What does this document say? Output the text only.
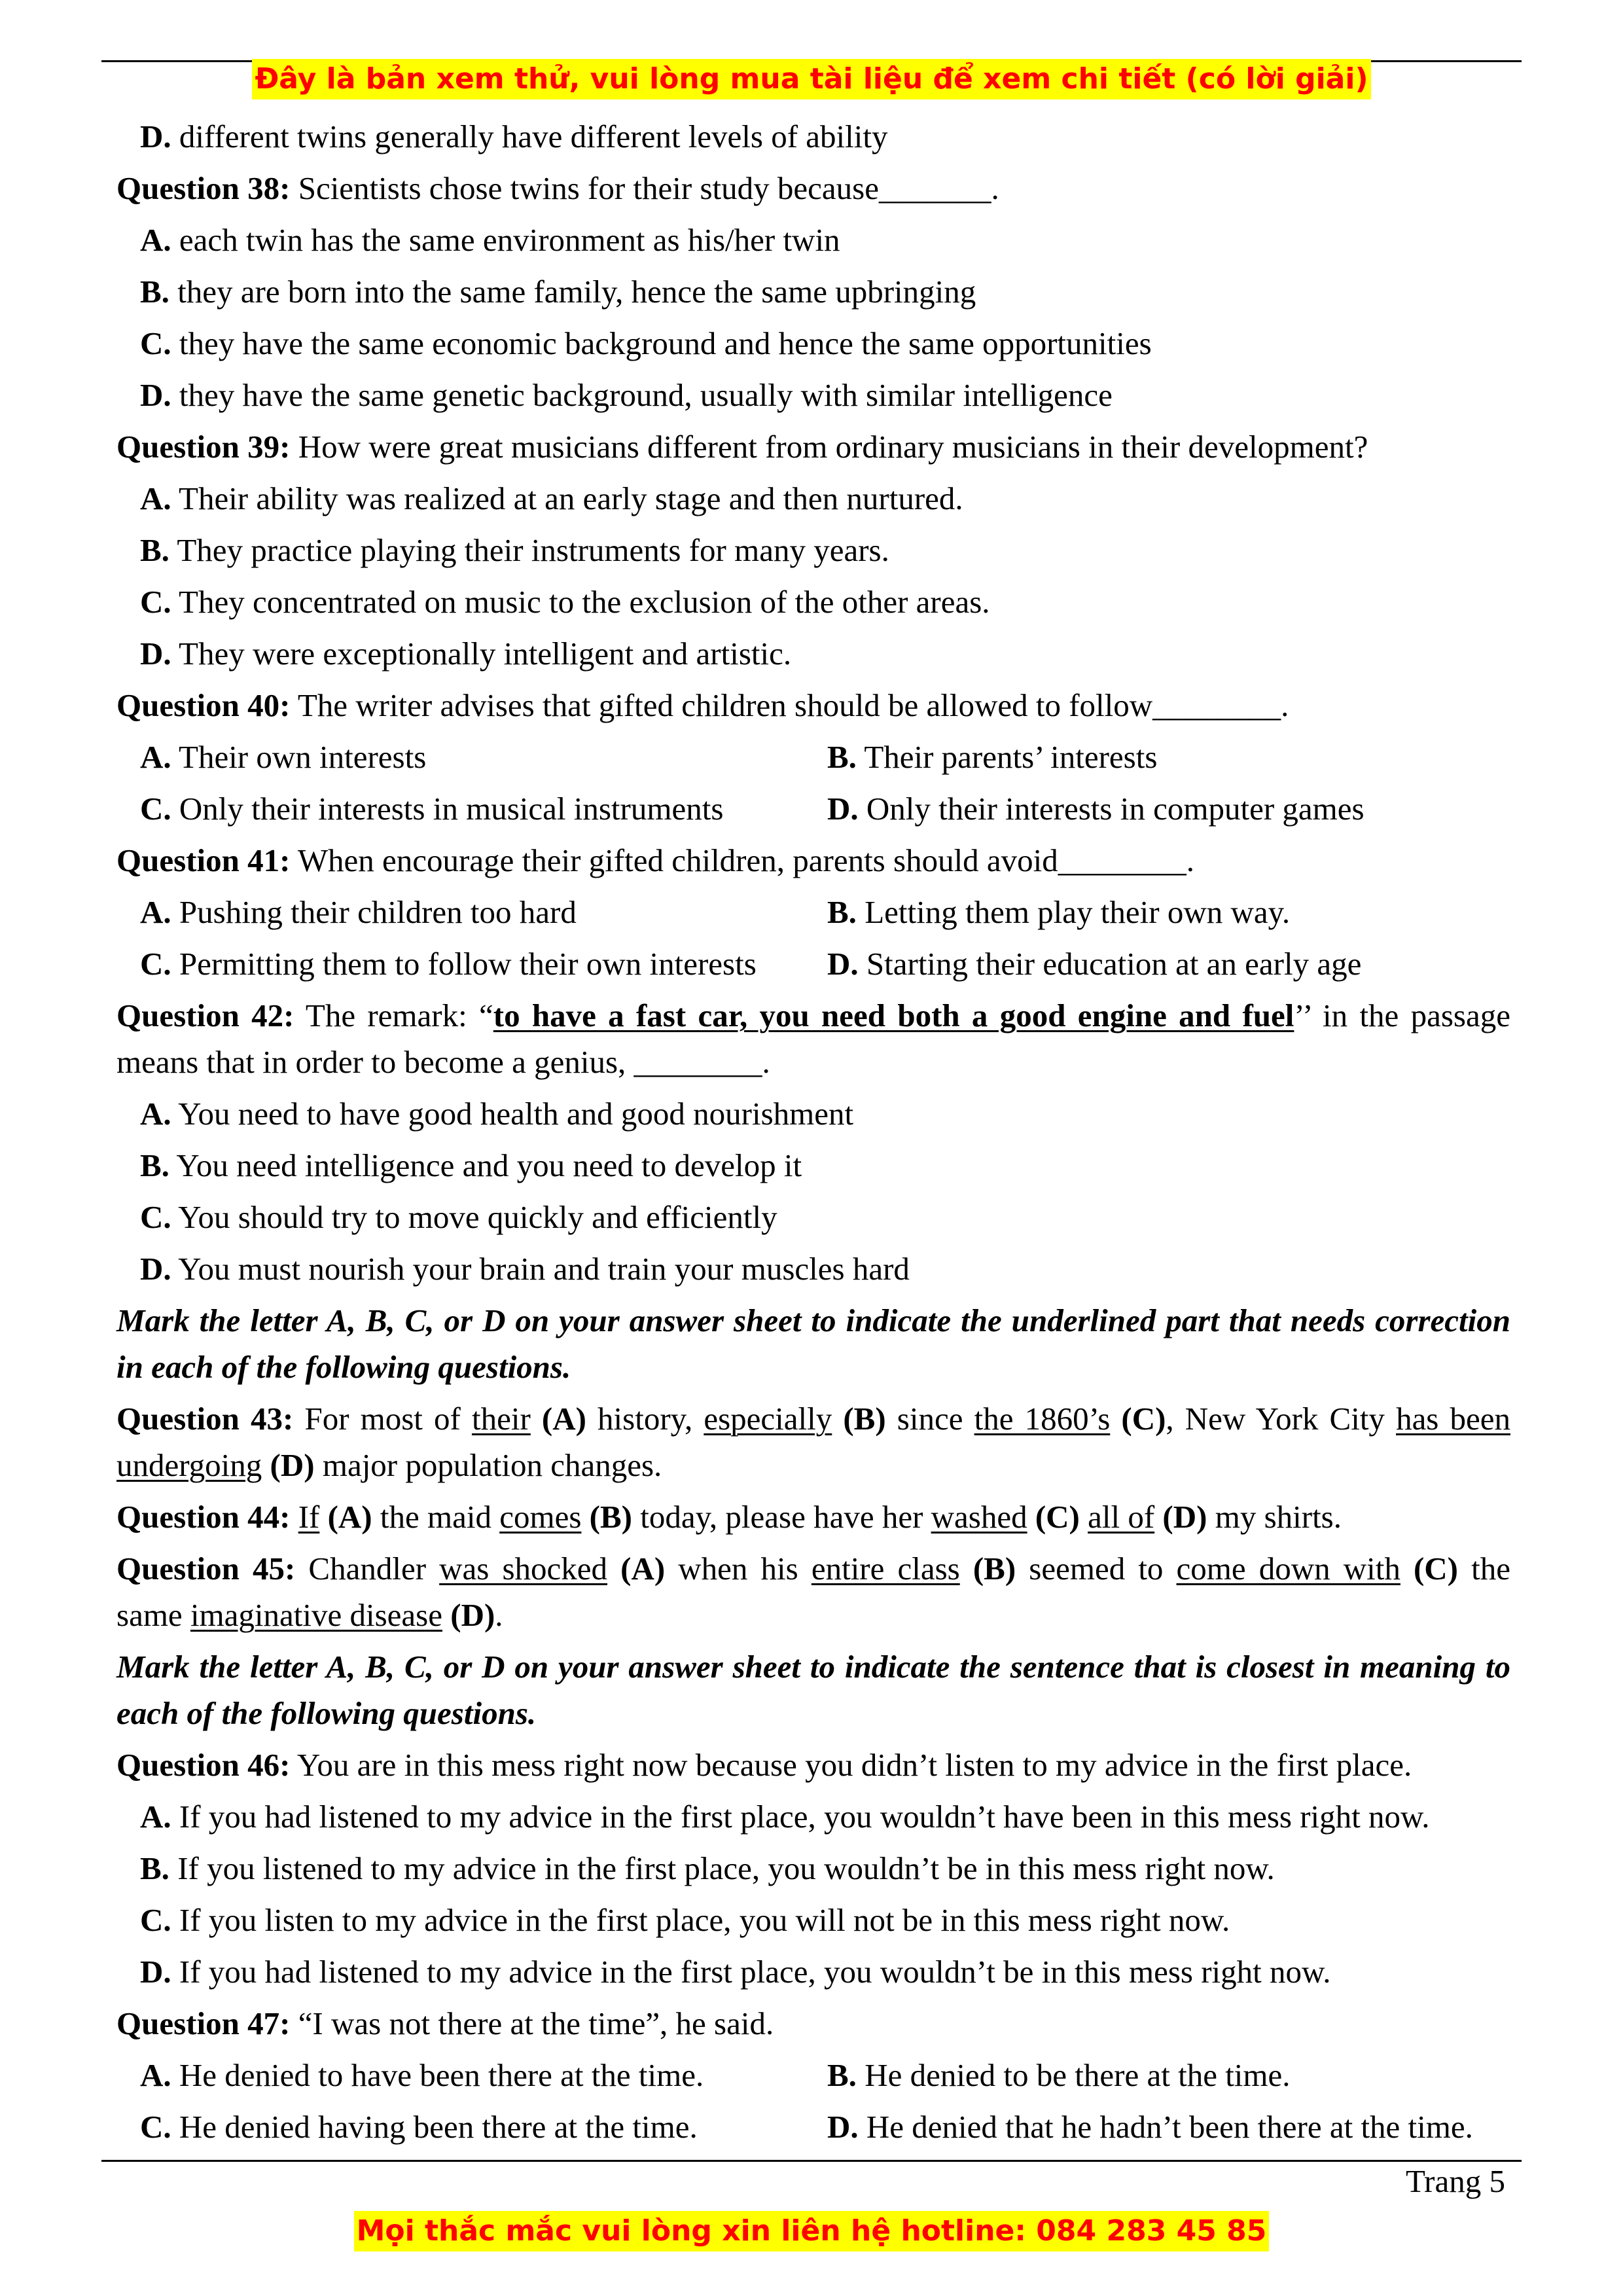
Đây là bản xem thử, vui lòng mua tài liệu để xem chi tiết (có lời giải)
D. different twins generally have different levels of ability
Question 38: Scientists chose twins for their study because_______.
A. each twin has the same environment as his/her twin
B. they are born into the same family, hence the same upbringing
C. they have the same economic background and hence the same opportunities
D. they have the same genetic background, usually with similar intelligence
Question 39: How were great musicians different from ordinary musicians in their development?
A. Their ability was realized at an early stage and then nurtured.
B. They practice playing their instruments for many years.
C. They concentrated on music to the exclusion of the other areas.
D. They were exceptionally intelligent and artistic.
Question 40: The writer advises that gifted children should be allowed to follow________.
A. Their own interests	B. Their parents’ interests
C. Only their interests in musical instruments	D. Only their interests in computer games
Question 41: When encourage their gifted children, parents should avoid________.
A. Pushing their children too hard	B. Letting them play their own way.
C. Permitting them to follow their own interests D. Starting their education at an early age
Question 42: The remark: “to have a fast car, you need both a good engine and fuel’’ in the passage
means that in order to become a genius, ________.
A. You need to have good health and good nourishment
B. You need intelligence and you need to develop it
C. You should try to move quickly and efficiently
D. You must nourish your brain and train your muscles hard
Mark the letter A, B, C, or D on your answer sheet to indicate the underlined part that needs correction
in each of the following questions.
Question 43: For most of their (A) history, especially (B) since the 1860’s (C), New York City has been
undergoing (D) major population changes.
Question 44: If (A) the maid comes (B) today, please have her washed (C) all of (D) my shirts.
Question 45: Chandler was shocked (A) when his entire class (B) seemed to come down with (C) the
same imaginative disease (D).
Mark the letter A, B, C, or D on your answer sheet to indicate the sentence that is closest in meaning to
each of the following questions.
Question 46: You are in this mess right now because you didn’t listen to my advice in the first place.
A. If you had listened to my advice in the first place, you wouldn’t have been in this mess right now.
B. If you listened to my advice in the first place, you wouldn’t be in this mess right now.
C. If you listen to my advice in the first place, you will not be in this mess right now.
D. If you had listened to my advice in the first place, you wouldn’t be in this mess right now.
Question 47: “I was not there at the time”, he said.
A. He denied to have been there at the time.	B. He denied to be there at the time.
C. He denied having been there at the time.	D. He denied that he hadn’t been there at the time.
Trang 5
Mọi thắc mắc vui lòng xin liên hệ hotline: 084 283 45 85
